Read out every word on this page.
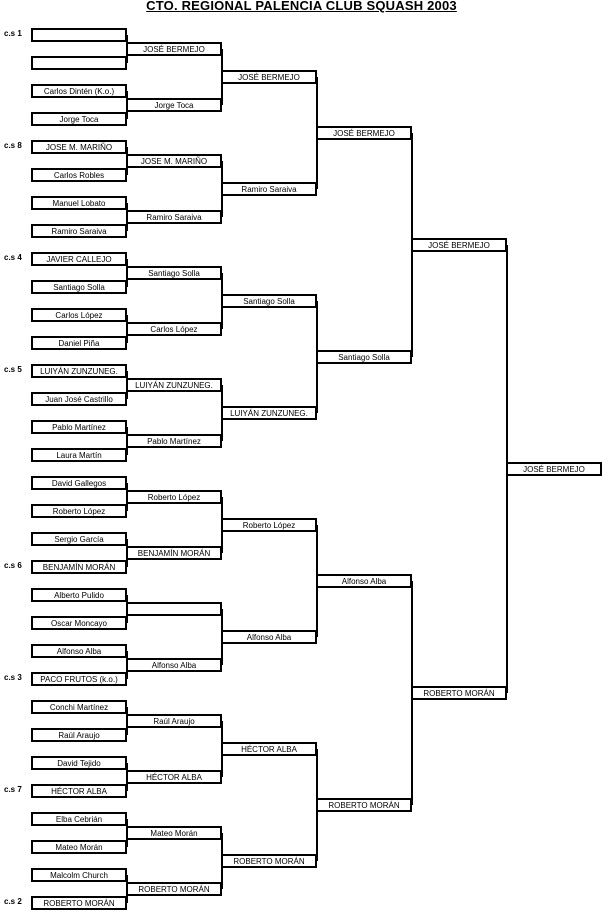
CTO. REGIONAL PALENCIA CLUB SQUASH 2003
c.s 1
Carlos Dintén (K.o.)
Jorge Toca
JOSE M. MARIÑO
c.s 8
Carlos Robles
Manuel Lobato
Ramiro Saraiva
JAVIER CALLEJO
c.s 4
Santiago Solla
Carlos López
Daniel Piña
LUIYÁN ZUNZUNEG.
c.s 5
Juan José Castrillo
Pablo Martínez
Laura Martín
David Gallegos
Roberto López
Sergio García
BENJAMÍN MORÁN
c.s 6
Alberto Pulido
Oscar Moncayo
Alfonso Alba
PACO FRUTOS (k.o.)
c.s 3
Conchi Martínez
Raúl Araujo
David Tejido
HÉCTOR ALBA
c.s 7
Elba Cebrián
Mateo Morán
Malcolm Church
ROBERTO MORÁN
c.s 2
JOSÉ BERMEJO
Jorge Toca
JOSE M. MARIÑO
Ramiro Saraiva
Santiago Solla
Carlos López
LUIYÁN ZUNZUNEG.
Pablo Martínez
Roberto López
BENJAMÍN MORÁN
Alfonso Alba
Raúl Araujo
HÉCTOR ALBA
Mateo Morán
ROBERTO MORÁN
JOSÉ BERMEJO
Ramiro Saraiva
Santiago Solla
LUIYÁN ZUNZUNEG.
Roberto López
Alfonso Alba
HÉCTOR ALBA
ROBERTO MORÁN
JOSÉ BERMEJO
Santiago Solla
Alfonso Alba
ROBERTO MORÁN
JOSÉ BERMEJO
ROBERTO MORÁN
JOSÉ BERMEJO
